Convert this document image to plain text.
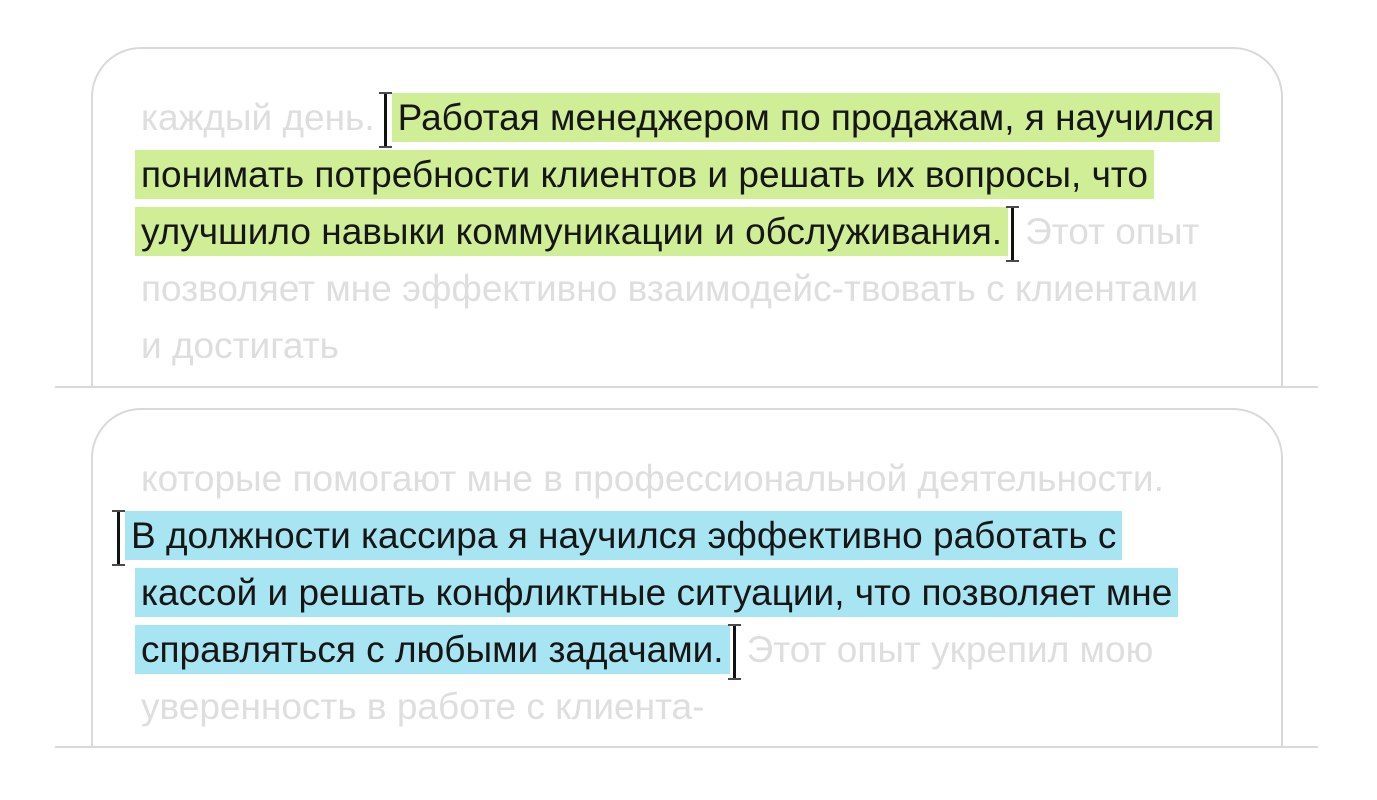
каждый день. Работая менеджером по продажам, я научился
понимать потребности клиентов и решать их вопросы, что
улучшило навыки коммуникации и обслуживания. Этот опыт
позволяет мне эффективно взаимодейс-твовать с клиентами
и достигать
которые помогают мне в профессиональной деятельности.
В должности кассира я научился эффективно работать с
кассой и решать конфликтные ситуации, что позволяет мне
справляться с любыми задачами. Этот опыт укрепил мою
уверенность в работе с клиента-
